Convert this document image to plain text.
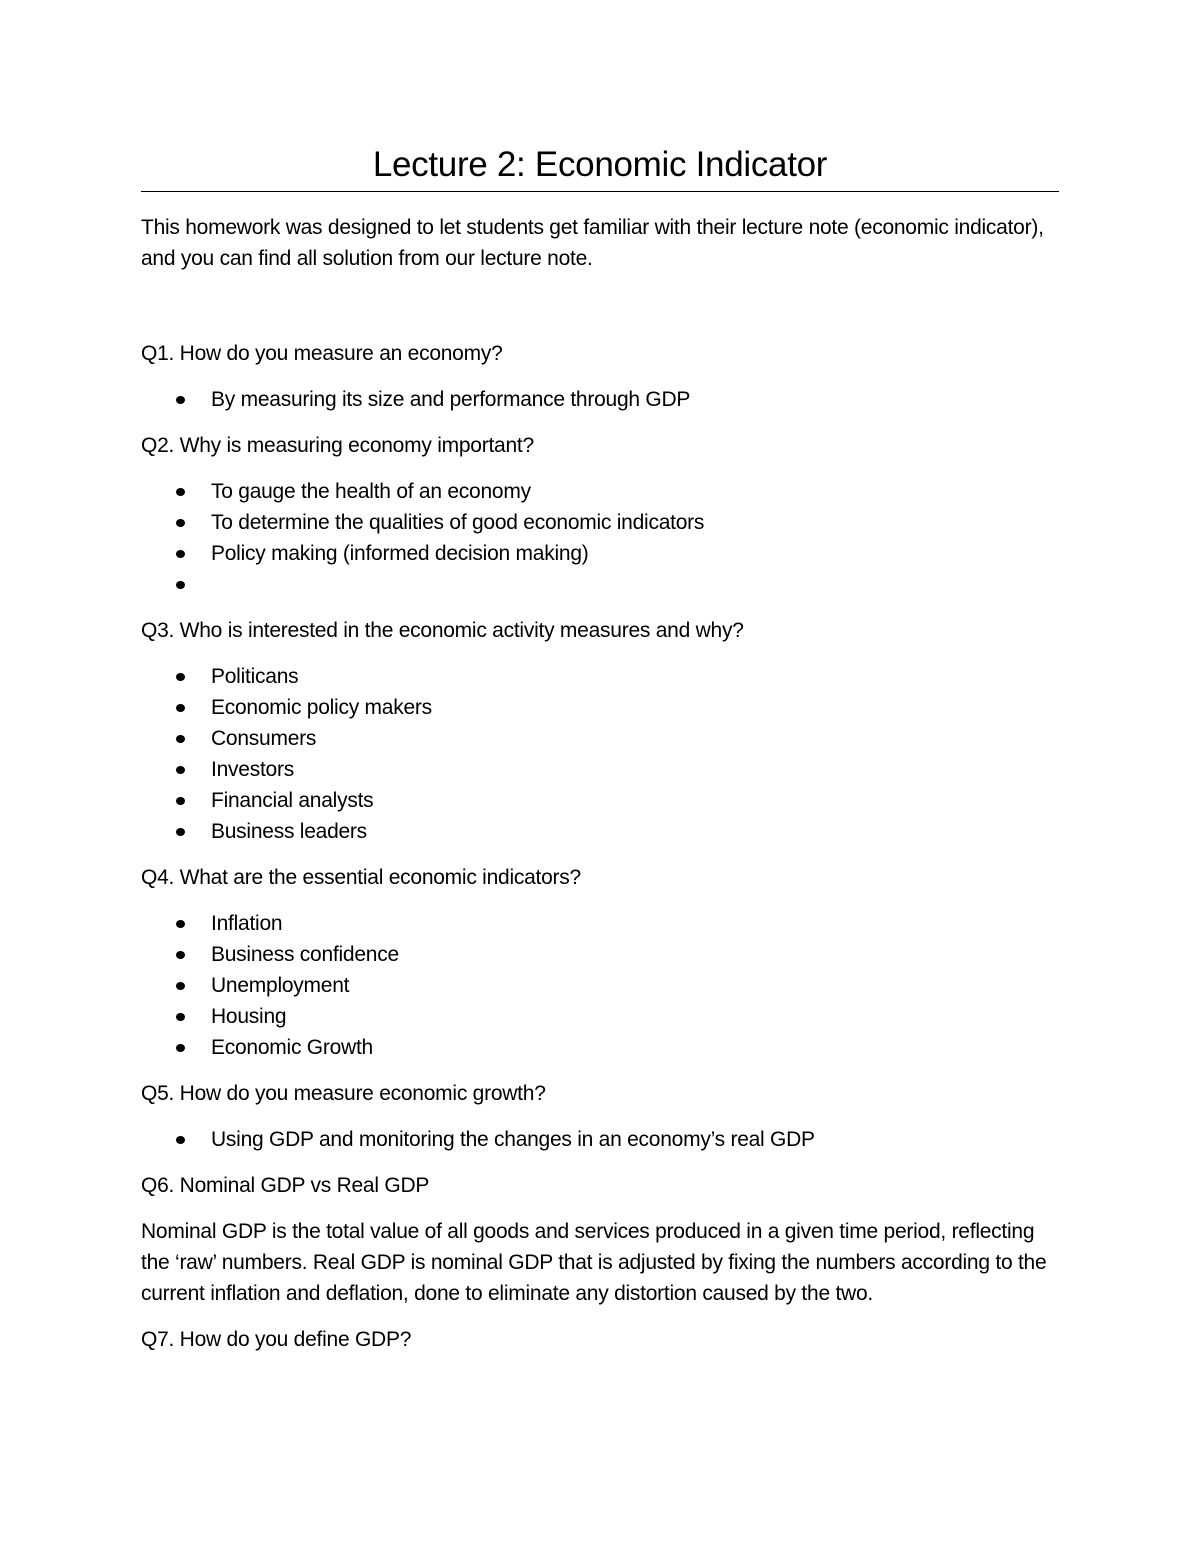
Lecture 2: Economic Indicator

This homework was designed to let students get familiar with their lecture note (economic indicator), and you can find all solution from our lecture note.

Q1. How do you measure an economy?
By measuring its size and performance through GDP
Q2. Why is measuring economy important?
To gauge the health of an economy
To determine the qualities of good economic indicators
Policy making (informed decision making)
Q3. Who is interested in the economic activity measures and why?
Politicans
Economic policy makers
Consumers
Investors
Financial analysts
Business leaders
Q4. What are the essential economic indicators?
Inflation
Business confidence
Unemployment
Housing
Economic Growth
Q5. How do you measure economic growth?
Using GDP and monitoring the changes in an economy’s real GDP
Q6. Nominal GDP vs Real GDP

Nominal GDP is the total value of all goods and services produced in a given time period, reflecting the ‘raw’ numbers. Real GDP is nominal GDP that is adjusted by fixing the numbers according to the current inflation and deflation, done to eliminate any distortion caused by the two.

Q7. How do you define GDP?
